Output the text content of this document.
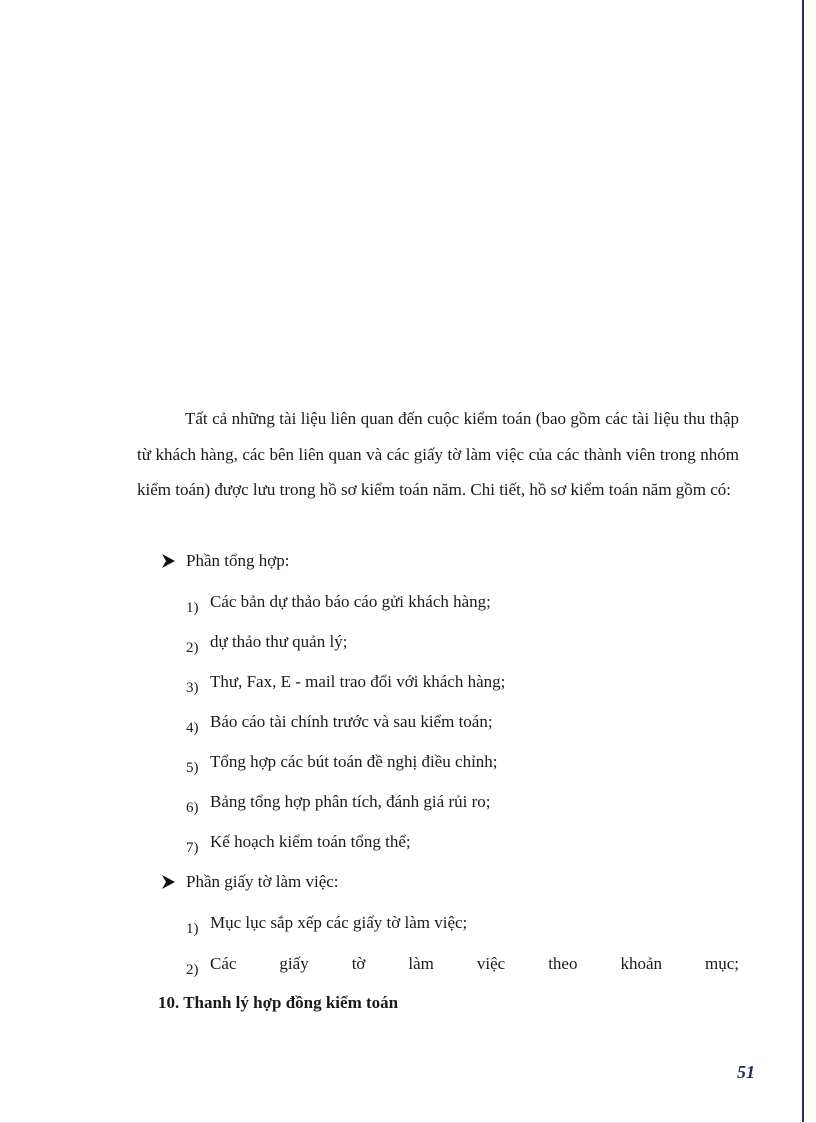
Tất cả những tài liệu liên quan đến cuộc kiểm toán (bao gồm các tài liệu thu thập từ khách hàng, các bên liên quan và các giấy tờ làm việc của các thành viên trong nhóm kiểm toán) được lưu trong hồ sơ kiểm toán năm. Chi tiết, hồ sơ kiểm toán năm gồm có:

Phần tổng hợp:
1) Các bản dự thảo báo cáo gửi khách hàng;
2) dự thảo thư quản lý;
3) Thư, Fax, E - mail trao đổi với khách hàng;
4) Báo cáo tài chính trước và sau kiểm toán;
5) Tổng hợp các bút toán đề nghị điều chỉnh;
6) Bảng tổng hợp phân tích, đánh giá rủi ro;
7) Kế hoạch kiểm toán tổng thể;
Phần giấy tờ làm việc:
1) Mục lục sắp xếp các giấy tờ làm việc;
2) Các	giấy	tờ	làm	việc	theo	khoản	mục;
10. Thanh lý hợp đồng kiểm toán
51
